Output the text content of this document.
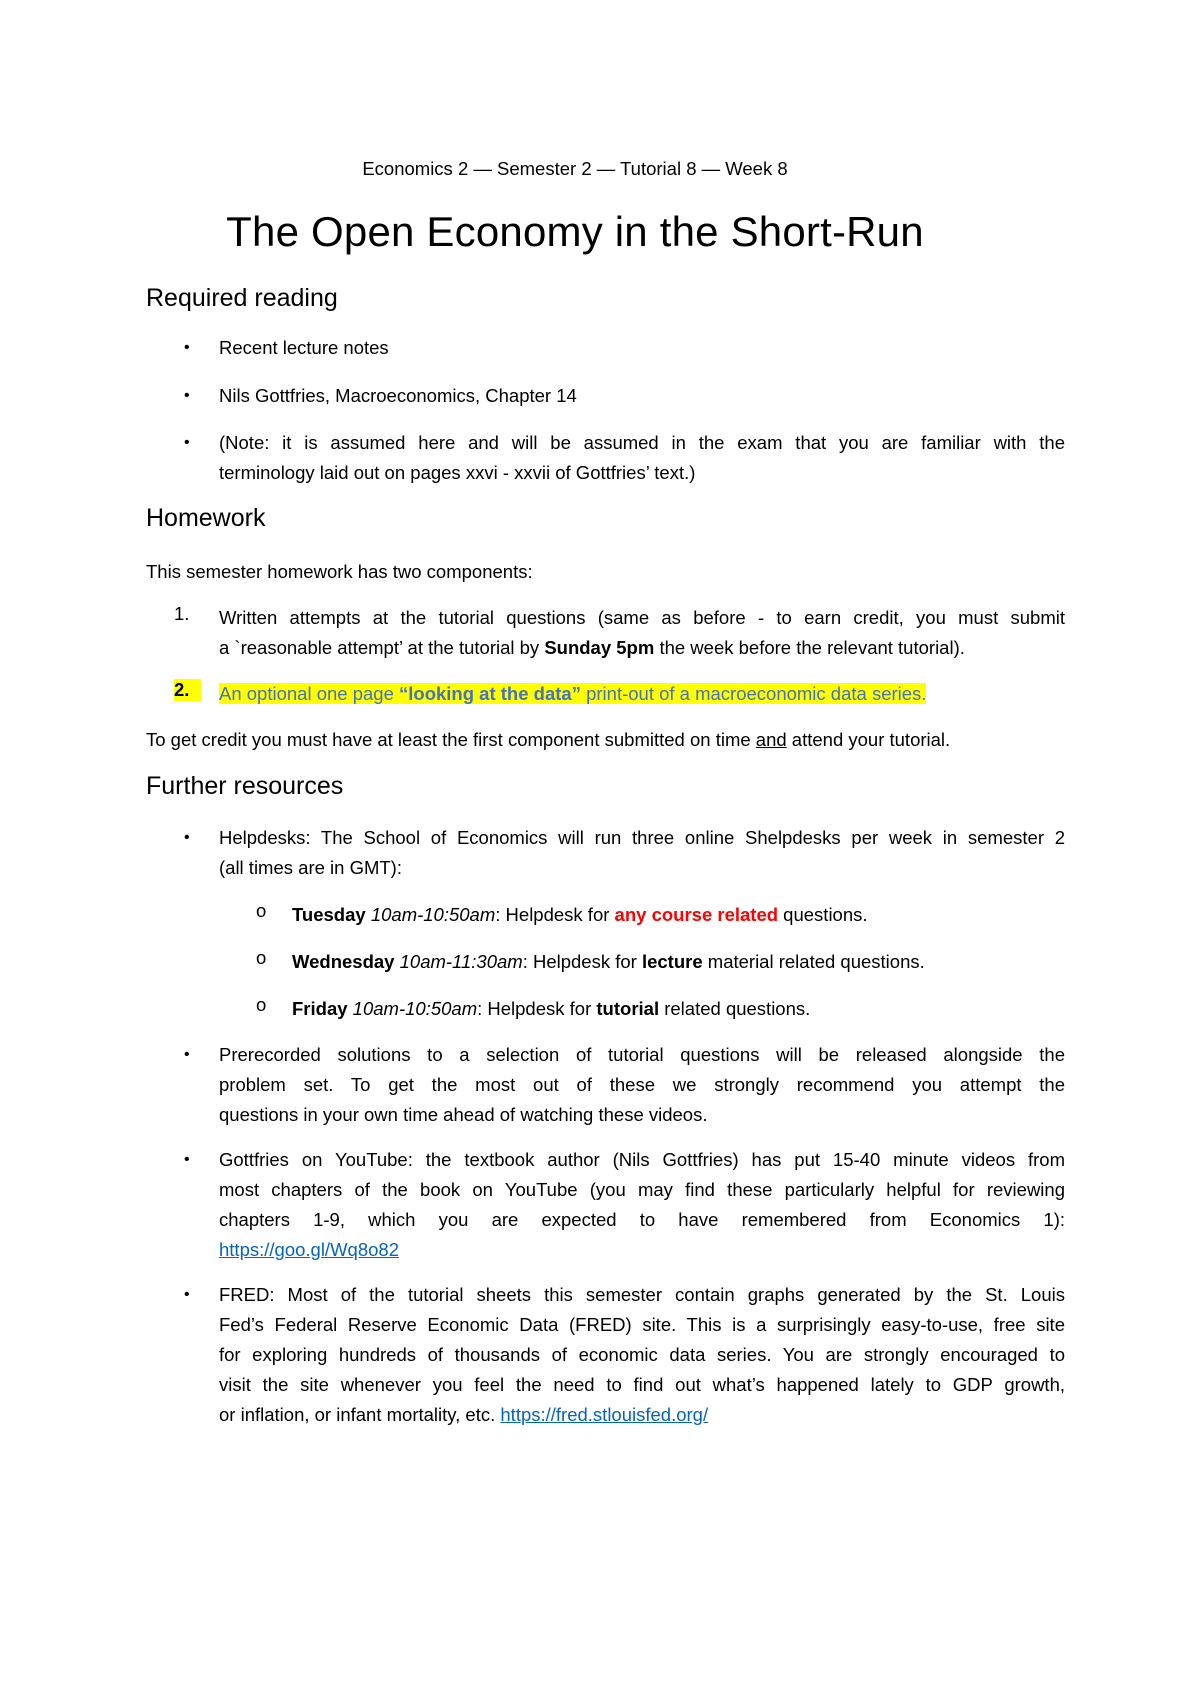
Economics 2 — Semester 2 — Tutorial 8 — Week 8
The Open Economy in the Short-Run
Required reading
• Recent lecture notes
• Nils Gottfries, Macroeconomics, Chapter 14
• (Note: it is assumed here and will be assumed in the exam that you are familiar with the
terminology laid out on pages xxvi - xxvii of Gottfries’ text.)
Homework
This semester homework has two components:
1. Written attempts at the tutorial questions (same as before - to earn credit, you must submit
a `reasonable attempt’ at the tutorial by Sunday 5pm the week before the relevant tutorial).
2.	An optional one page “looking at the data” print-out of a macroeconomic data series.
To get credit you must have at least the first component submitted on time and attend your tutorial.
Further resources
• Helpdesks: The School of Economics will run three online Shelpdesks per week in semester 2
(all times are in GMT):
o Tuesday 10am-10:50am: Helpdesk for any course related questions.
o Wednesday 10am-11:30am: Helpdesk for lecture material related questions.
o Friday 10am-10:50am: Helpdesk for tutorial related questions.
• Prerecorded solutions to a selection of tutorial questions will be released alongside the
problem set. To get the most out of these we strongly recommend you attempt the
questions in your own time ahead of watching these videos.
• Gottfries on YouTube: the textbook author (Nils Gottfries) has put 15-40 minute videos from
most chapters of the book on YouTube (you may find these particularly helpful for reviewing
chapters 1-9, which you are expected to have remembered from Economics 1):
https://goo.gl/Wq8o82
• FRED: Most of the tutorial sheets this semester contain graphs generated by the St. Louis
Fed’s Federal Reserve Economic Data (FRED) site. This is a surprisingly easy-to-use, free site
for exploring hundreds of thousands of economic data series. You are strongly encouraged to
visit the site whenever you feel the need to find out what’s happened lately to GDP growth,
or inflation, or infant mortality, etc. https://fred.stlouisfed.org/
